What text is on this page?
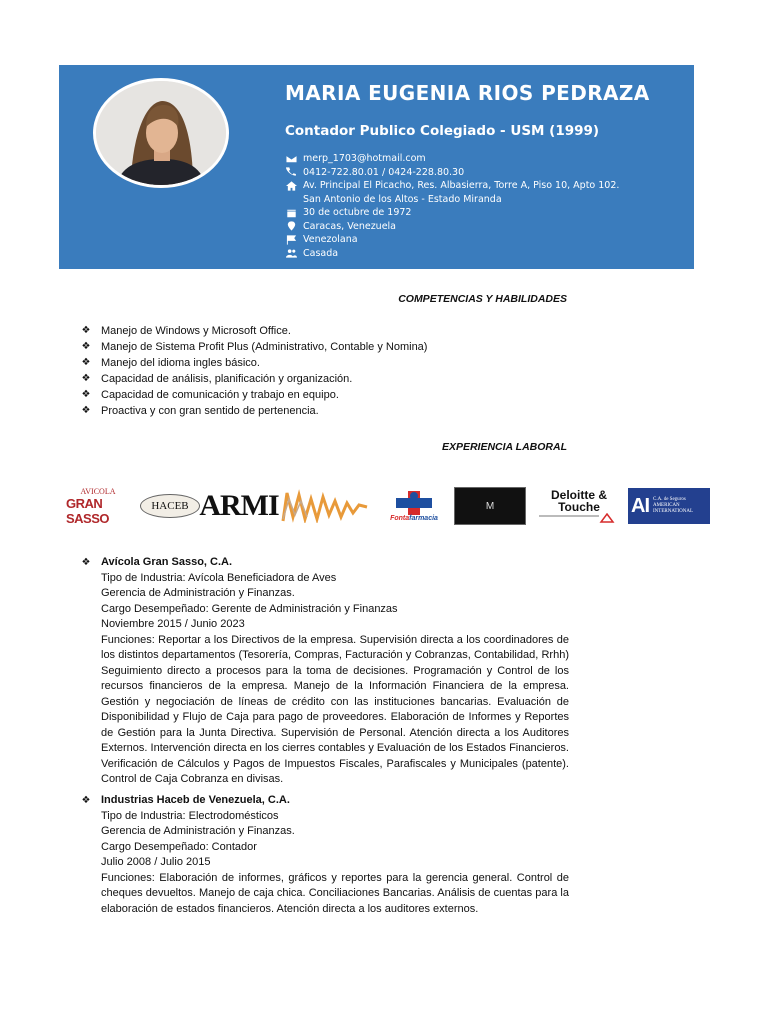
MARIA EUGENIA RIOS PEDRAZA
Contador Publico Colegiado - USM (1999)
merp_1703@hotmail.com
0412-722.80.01 / 0424-228.80.30
Av. Principal El Picacho, Res. Albasierra, Torre A, Piso 10, Apto 102.
San Antonio de los Altos - Estado Miranda
30 de octubre de 1972
Caracas, Venezuela
Venezolana
Casada
COMPETENCIAS Y HABILIDADES
❖ Manejo de Windows y Microsoft Office.
❖ Manejo de Sistema Profit Plus (Administrativo, Contable y Nomina)
❖ Manejo del idioma ingles básico.
❖ Capacidad de análisis, planificación y organización.
❖ Capacidad de comunicación y trabajo en equipo.
❖ Proactiva y con gran sentido de pertenencia.
EXPERIENCIA LABORAL
AVICOLA
GRAN SASSO
HACEB ARMI	Fontafarmacia
M
Deloitte &
Touche AI C.A. de Seguros
AMERICAN
INTERNATIONAL
❖ Avícola Gran Sasso, C.A.
Tipo de Industria: Avícola Beneficiadora de Aves
Gerencia de Administración y Finanzas.
Cargo Desempeñado: Gerente de Administración y Finanzas
Noviembre 2015 / Junio 2023
Funciones: Reportar a los Directivos de la empresa. Supervisión directa a los coordinadores de los distintos departamentos (Tesorería, Compras, Facturación y Cobranzas, Contabilidad, Rrhh) Seguimiento directo a procesos para la toma de decisiones. Programación y Control de los recursos financieros de la empresa. Manejo de la Información Financiera de la empresa. Gestión y negociación de líneas de crédito con las instituciones bancarias. Evaluación de Disponibilidad y Flujo de Caja para pago de proveedores. Elaboración de Informes y Reportes de Gestión para la Junta Directiva. Supervisión de Personal. Atención directa a los Auditores Externos. Intervención directa en los cierres contables y Evaluación de los Estados Financieros. Verificación de Cálculos y Pagos de Impuestos Fiscales, Parafiscales y Municipales (patente). Control de Caja Cobranza en divisas.
❖ Industrias Haceb de Venezuela, C.A.
Tipo de Industria: Electrodomésticos
Gerencia de Administración y Finanzas.
Cargo Desempeñado: Contador
Julio 2008 / Julio 2015
Funciones: Elaboración de informes, gráficos y reportes para la gerencia general. Control de cheques devueltos. Manejo de caja chica. Conciliaciones Bancarias. Análisis de cuentas para la elaboración de estados financieros. Atención directa a los auditores externos.
